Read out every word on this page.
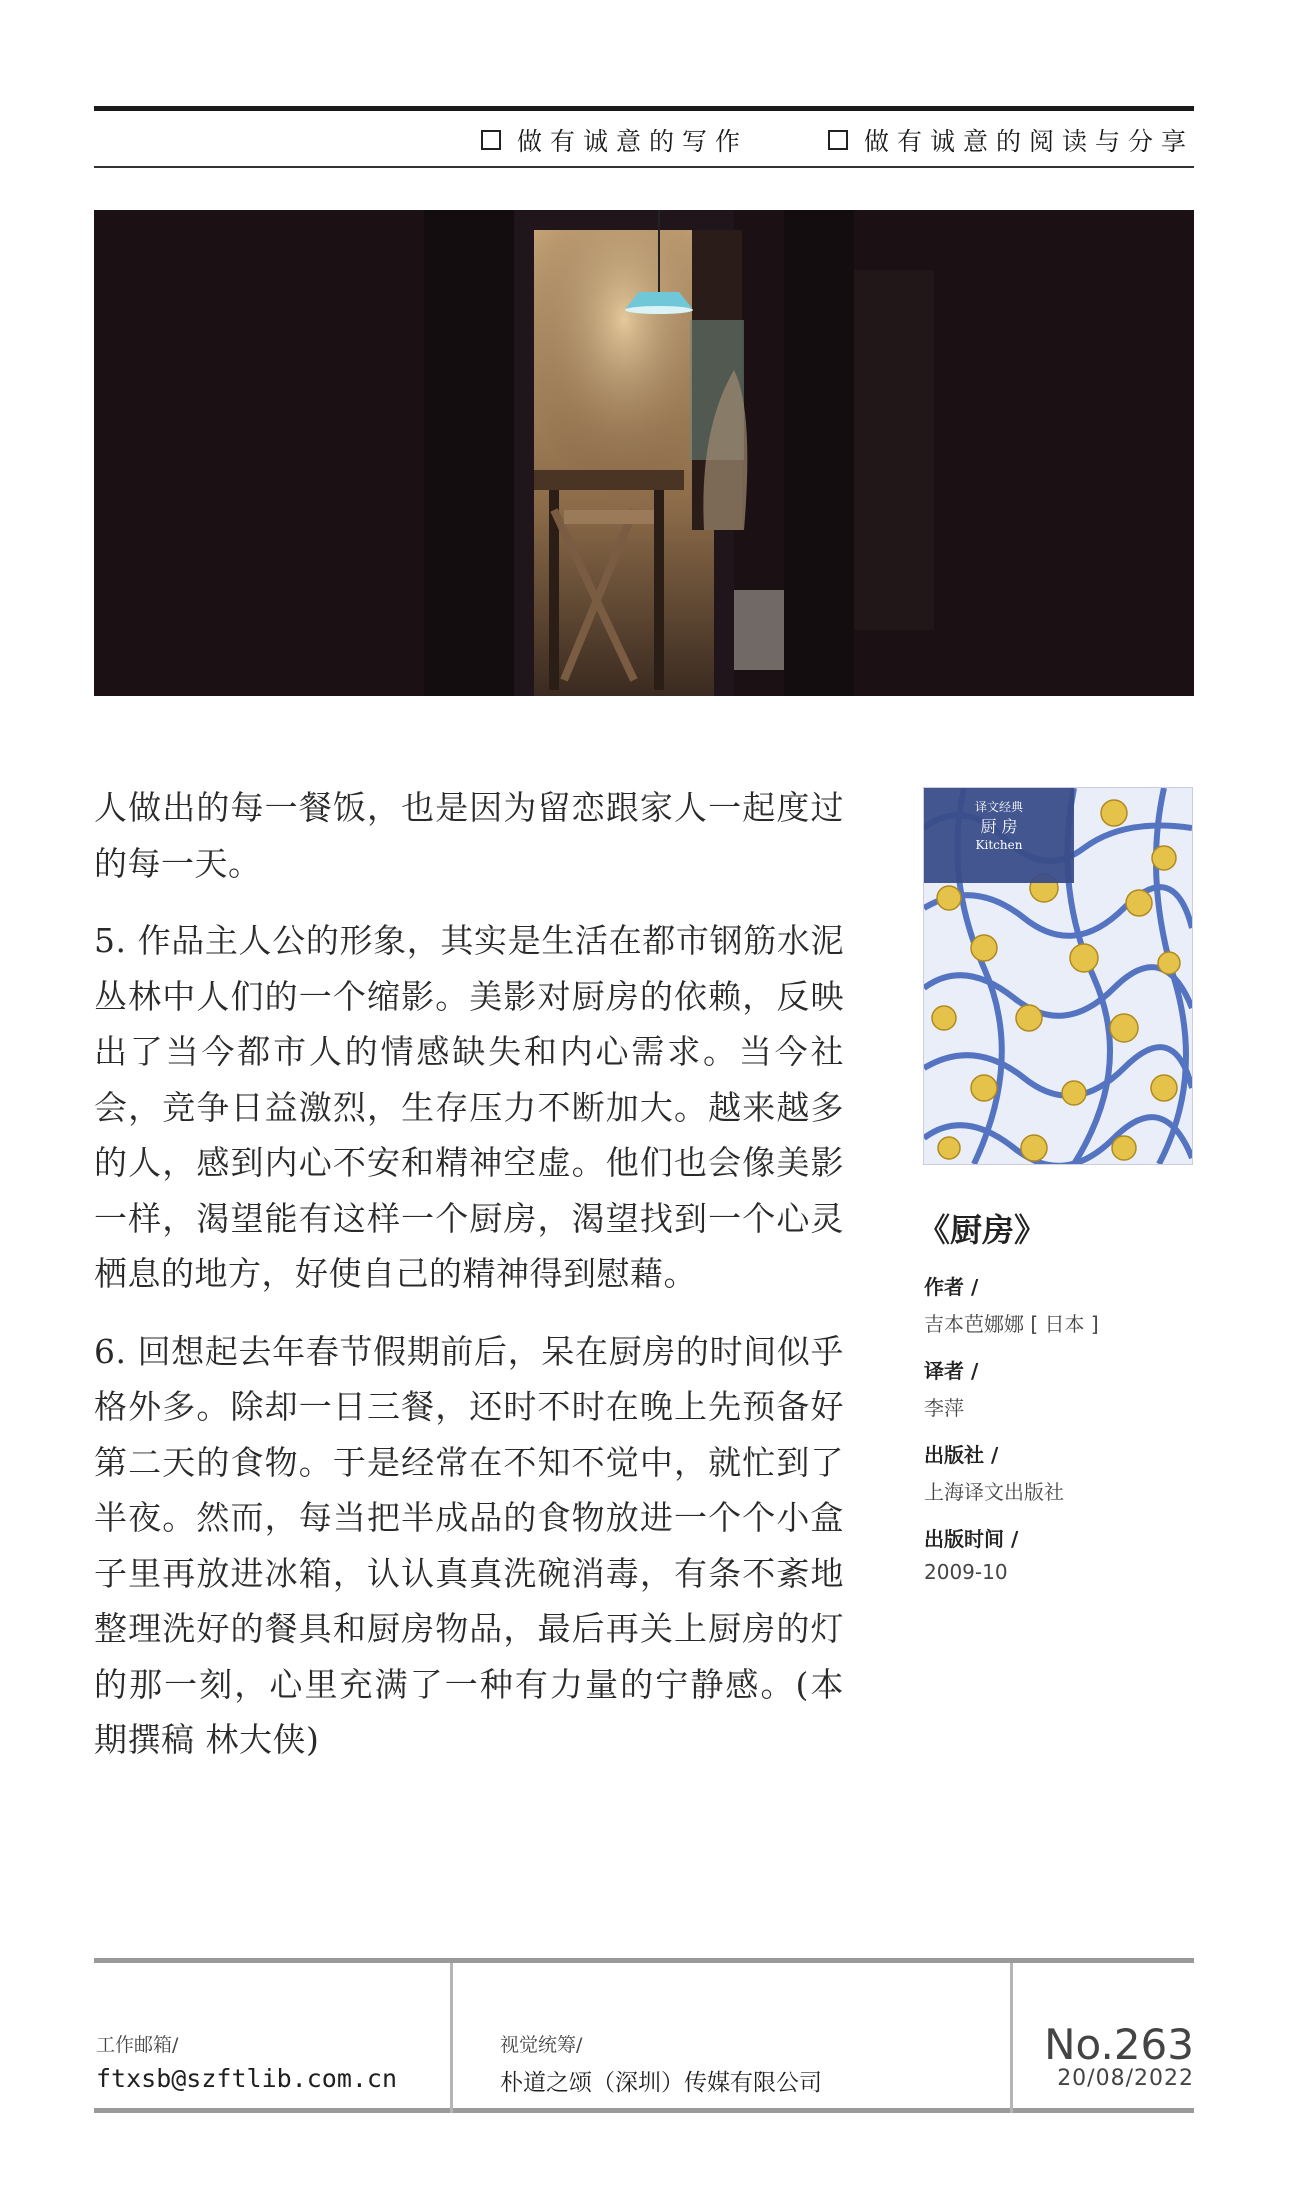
做有诚意的写作	做有诚意的阅读与分享

人做出的每一餐饭，也是因为留恋跟家人一起度过的每一天。

5. 作品主人公的形象，其实是生活在都市钢筋水泥丛林中人们的一个缩影。美影对厨房的依赖，反映出了当今都市人的情感缺失和内心需求。当今社会，竞争日益激烈，生存压力不断加大。越来越多的人，感到内心不安和精神空虚。他们也会像美影一样，渴望能有这样一个厨房，渴望找到一个心灵栖息的地方，好使自己的精神得到慰藉。

6. 回想起去年春节假期前后，呆在厨房的时间似乎格外多。除却一日三餐，还时不时在晚上先预备好第二天的食物。于是经常在不知不觉中，就忙到了半夜。然而，每当把半成品的食物放进一个个小盒子里再放进冰箱，认认真真洗碗消毒，有条不紊地整理洗好的餐具和厨房物品，最后再关上厨房的灯的那一刻，心里充满了一种有力量的宁静感。(本期撰稿 林大侠)

译文经典
厨 房
Kitchen
《厨房》
作者 /
吉本芭娜娜 [ 日本 ]
译者 /
李萍
出版社 /
上海译文出版社
出版时间 /
2009-10
工作邮箱/
ftxsb@szftlib.com.cn
视觉统筹/
朴道之颂（深圳）传媒有限公司
No.263
20/08/2022
